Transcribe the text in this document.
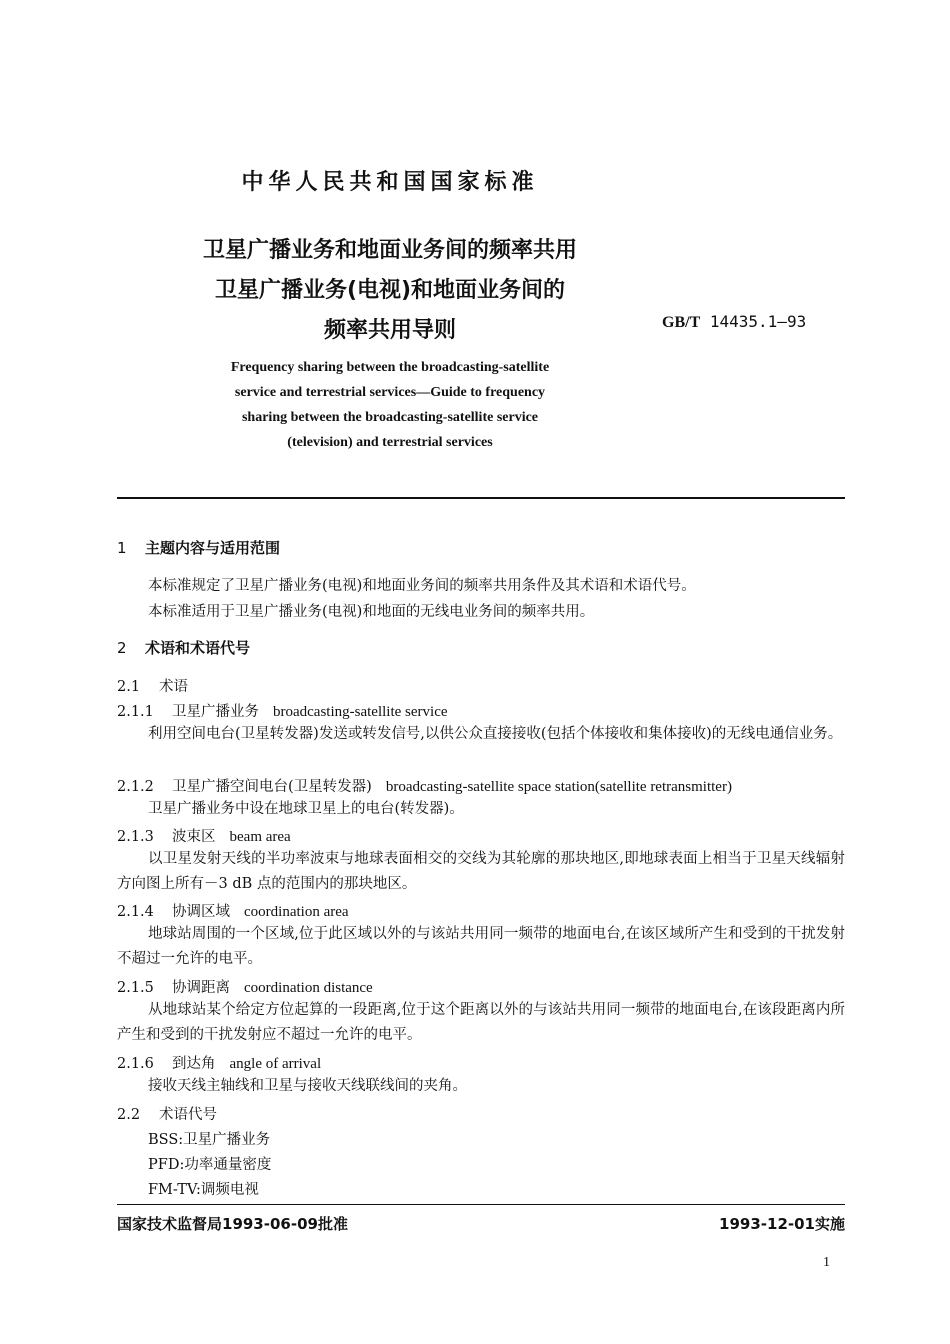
中华人民共和国国家标准
卫星广播业务和地面业务间的频率共用
卫星广播业务(电视)和地面业务间的
频率共用导则	GB/T 14435.1—93
Frequency sharing between the broadcasting-satellite
service and terrestrial services—Guide to frequency
sharing between the broadcasting-satellite service
(television) and terrestrial services
1 主题内容与适用范围
本标准规定了卫星广播业务(电视)和地面业务间的频率共用条件及其术语和术语代号。
本标准适用于卫星广播业务(电视)和地面的无线电业务间的频率共用。
2 术语和术语代号
2.1 术语
2.1.1 卫星广播业务 broadcasting-satellite service
利用空间电台(卫星转发器)发送或转发信号,以供公众直接接收(包括个体接收和集体接收)的无线电通信业务。
2.1.2 卫星广播空间电台(卫星转发器) broadcasting-satellite space station(satellite retransmitter)
卫星广播业务中设在地球卫星上的电台(转发器)。
2.1.3 波束区 beam area
以卫星发射天线的半功率波束与地球表面相交的交线为其轮廓的那块地区,即地球表面上相当于卫星天线辐射方向图上所有－3 dB 点的范围内的那块地区。
2.1.4 协调区域 coordination area
地球站周围的一个区域,位于此区域以外的与该站共用同一频带的地面电台,在该区域所产生和受到的干扰发射不超过一允许的电平。
2.1.5 协调距离 coordination distance
从地球站某个给定方位起算的一段距离,位于这个距离以外的与该站共用同一频带的地面电台,在该段距离内所产生和受到的干扰发射应不超过一允许的电平。
2.1.6 到达角 angle of arrival
接收天线主轴线和卫星与接收天线联线间的夹角。
2.2 术语代号
BSS:卫星广播业务
PFD:功率通量密度
FM-TV:调频电视
国家技术监督局1993-06-09批准	1993-12-01实施
1
